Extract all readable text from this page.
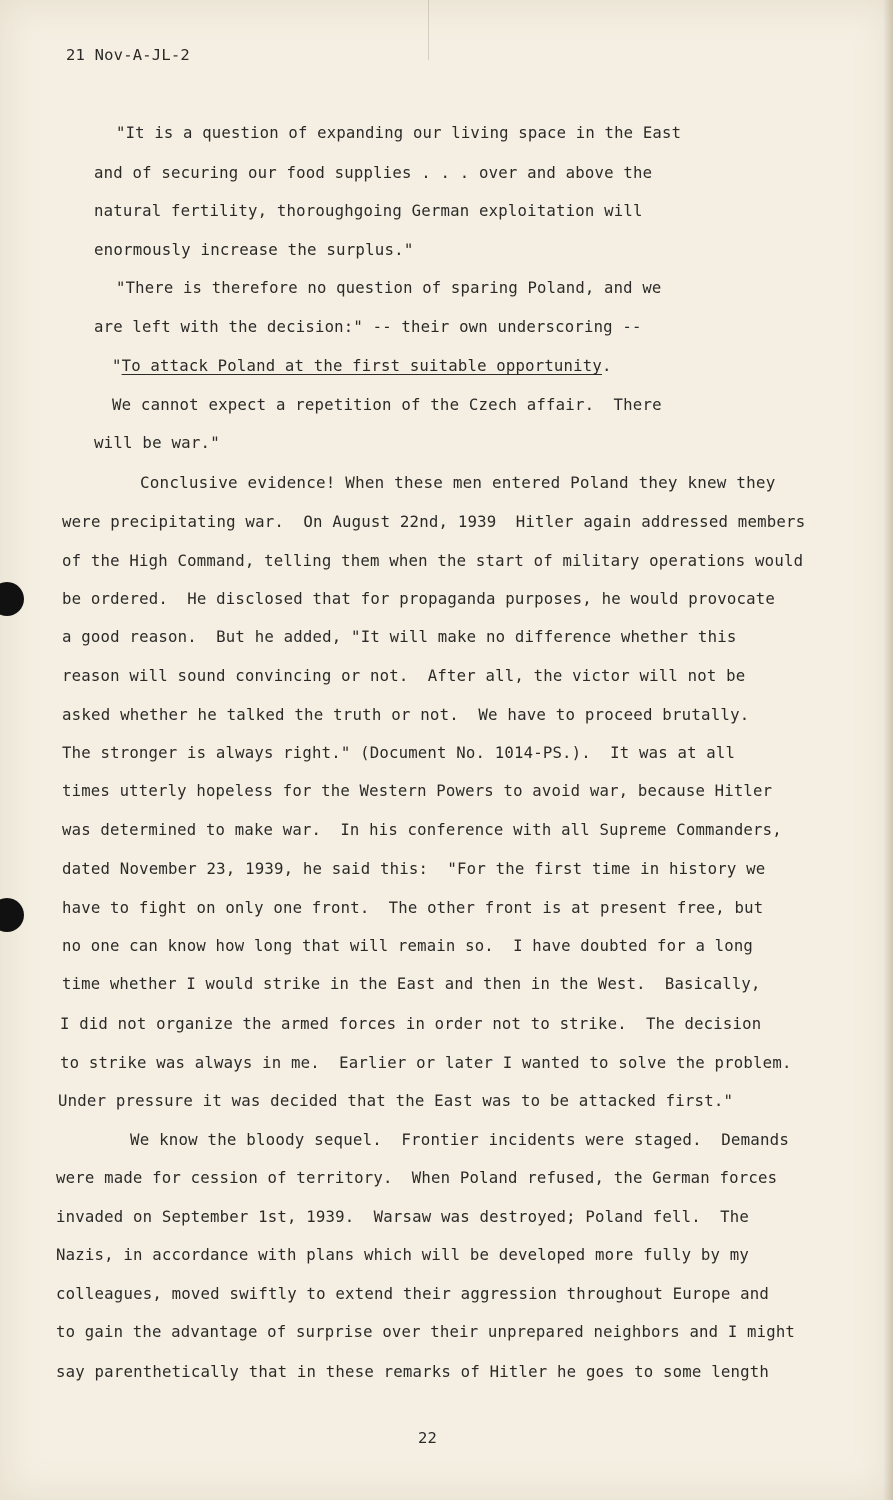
21 Nov-A-JL-2
"It is a question of expanding our living space in the East
and of securing our food supplies . . . over and above the
natural fertility, thoroughgoing German exploitation will
enormously increase the surplus."
"There is therefore no question of sparing Poland, and we
are left with the decision:" -- their own underscoring --
"To attack Poland at the first suitable opportunity.
We cannot expect a repetition of the Czech affair.  There
will be war."
Conclusive evidence! When these men entered Poland they knew they
were precipitating war.  On August 22nd, 1939  Hitler again addressed members
of the High Command, telling them when the start of military operations would
be ordered.  He disclosed that for propaganda purposes, he would provocate
a good reason.  But he added, "It will make no difference whether this
reason will sound convincing or not.  After all, the victor will not be
asked whether he talked the truth or not.  We have to proceed brutally.
The stronger is always right." (Document No. 1014-PS.).  It was at all
times utterly hopeless for the Western Powers to avoid war, because Hitler
was determined to make war.  In his conference with all Supreme Commanders,
dated November 23, 1939, he said this:  "For the first time in history we
have to fight on only one front.  The other front is at present free, but
no one can know how long that will remain so.  I have doubted for a long
time whether I would strike in the East and then in the West.  Basically,
I did not organize the armed forces in order not to strike.  The decision
to strike was always in me.  Earlier or later I wanted to solve the problem.
Under pressure it was decided that the East was to be attacked first."
We know the bloody sequel.  Frontier incidents were staged.  Demands
were made for cession of territory.  When Poland refused, the German forces
invaded on September 1st, 1939.  Warsaw was destroyed; Poland fell.  The
Nazis, in accordance with plans which will be developed more fully by my
colleagues, moved swiftly to extend their aggression throughout Europe and
to gain the advantage of surprise over their unprepared neighbors and I might
say parenthetically that in these remarks of Hitler he goes to some length
22
